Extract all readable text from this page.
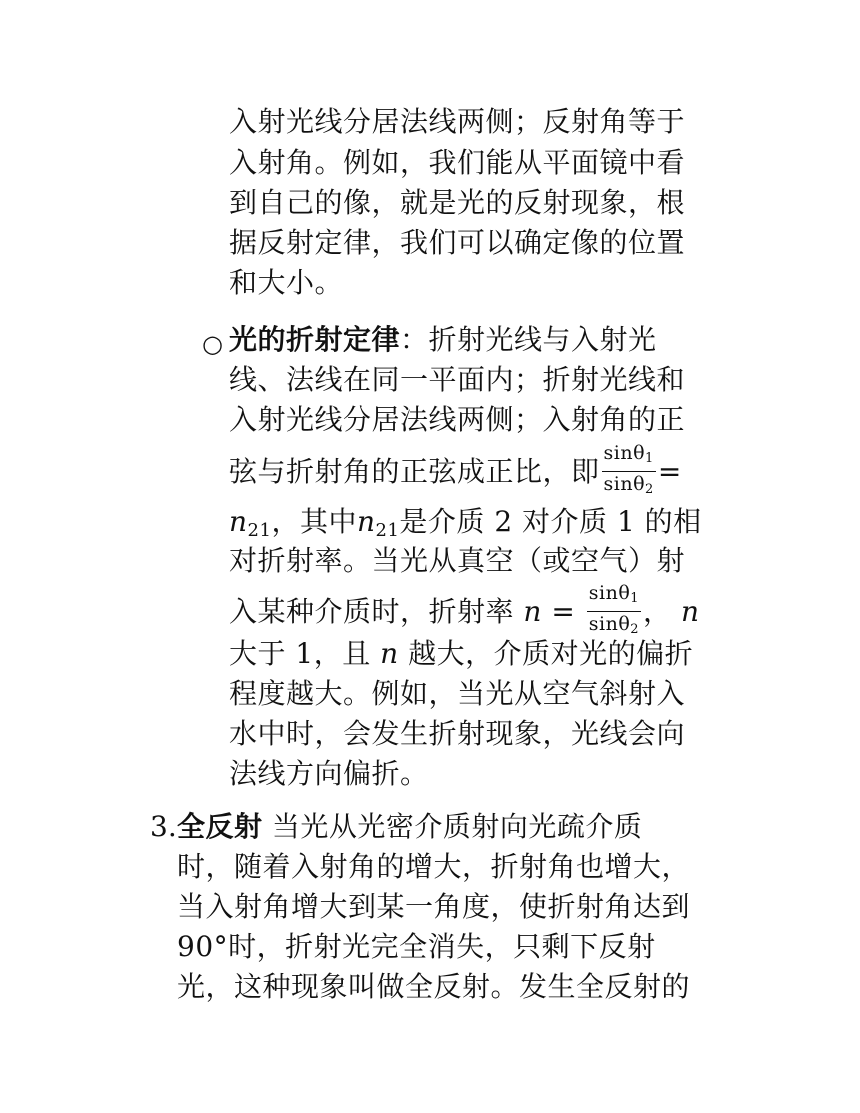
入射光线分居法线两侧；反射角等于
入射角。例如，我们能从平面镜中看
到自己的像，就是光的反射现象，根
据反射定律，我们可以确定像的位置
和大小。
○ 光的折射定律：折射光线与入射光
线、法线在同一平面内；折射光线和
入射光线分居法线两侧；入射角的正
弦与折射角的正弦成正比，即 $\frac{\sin\theta_1}{\sin\theta_2}$ =
$n_{21}$，其中$n_{21}$是介质 2 对介质 1 的相
对折射率。当光从真空（或空气）射
入某种介质时，折射率 $n = \frac{\sin\theta_1}{\sin\theta_2}$ ， n
大于 1，且 n 越大，介质对光的偏折
程度越大。例如，当光从空气斜射入
水中时，会发生折射现象，光线会向
法线方向偏折。
3. 全反射 当光从光密介质射向光疏介质
时，随着入射角的增大，折射角也增大，
当入射角增大到某一角度，使折射角达到
90°时，折射光完全消失，只剩下反射
光，这种现象叫做全反射。发生全反射的
